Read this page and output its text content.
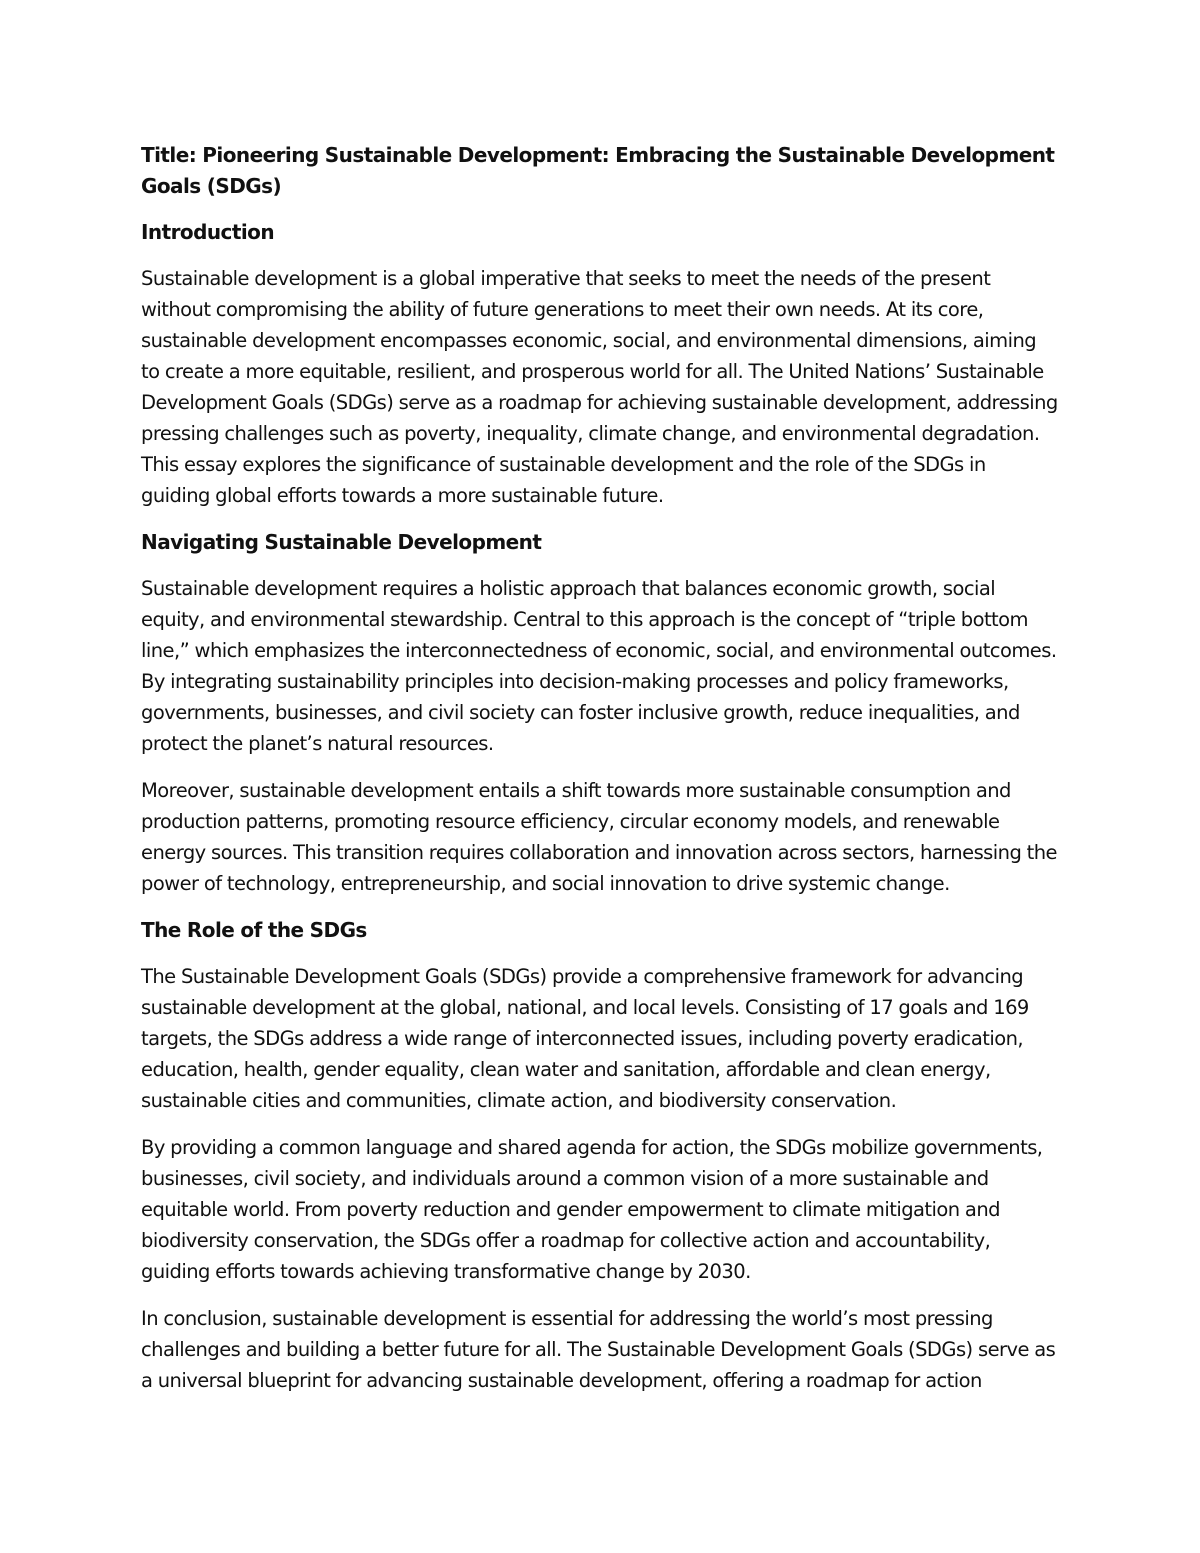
Title: Pioneering Sustainable Development: Embracing the Sustainable Development Goals (SDGs)

Introduction

Sustainable development is a global imperative that seeks to meet the needs of the present without compromising the ability of future generations to meet their own needs. At its core, sustainable development encompasses economic, social, and environmental dimensions, aiming to create a more equitable, resilient, and prosperous world for all. The United Nations’ Sustainable Development Goals (SDGs) serve as a roadmap for achieving sustainable development, addressing pressing challenges such as poverty, inequality, climate change, and environmental degradation. This essay explores the significance of sustainable development and the role of the SDGs in guiding global efforts towards a more sustainable future.

Navigating Sustainable Development

Sustainable development requires a holistic approach that balances economic growth, social equity, and environmental stewardship. Central to this approach is the concept of “triple bottom line,” which emphasizes the interconnectedness of economic, social, and environmental outcomes. By integrating sustainability principles into decision-making processes and policy frameworks, governments, businesses, and civil society can foster inclusive growth, reduce inequalities, and protect the planet’s natural resources.

Moreover, sustainable development entails a shift towards more sustainable consumption and production patterns, promoting resource efficiency, circular economy models, and renewable energy sources. This transition requires collaboration and innovation across sectors, harnessing the power of technology, entrepreneurship, and social innovation to drive systemic change.

The Role of the SDGs

The Sustainable Development Goals (SDGs) provide a comprehensive framework for advancing sustainable development at the global, national, and local levels. Consisting of 17 goals and 169 targets, the SDGs address a wide range of interconnected issues, including poverty eradication, education, health, gender equality, clean water and sanitation, affordable and clean energy, sustainable cities and communities, climate action, and biodiversity conservation.

By providing a common language and shared agenda for action, the SDGs mobilize governments, businesses, civil society, and individuals around a common vision of a more sustainable and equitable world. From poverty reduction and gender empowerment to climate mitigation and biodiversity conservation, the SDGs offer a roadmap for collective action and accountability, guiding efforts towards achieving transformative change by 2030.

In conclusion, sustainable development is essential for addressing the world’s most pressing challenges and building a better future for all. The Sustainable Development Goals (SDGs) serve as a universal blueprint for advancing sustainable development, offering a roadmap for action
